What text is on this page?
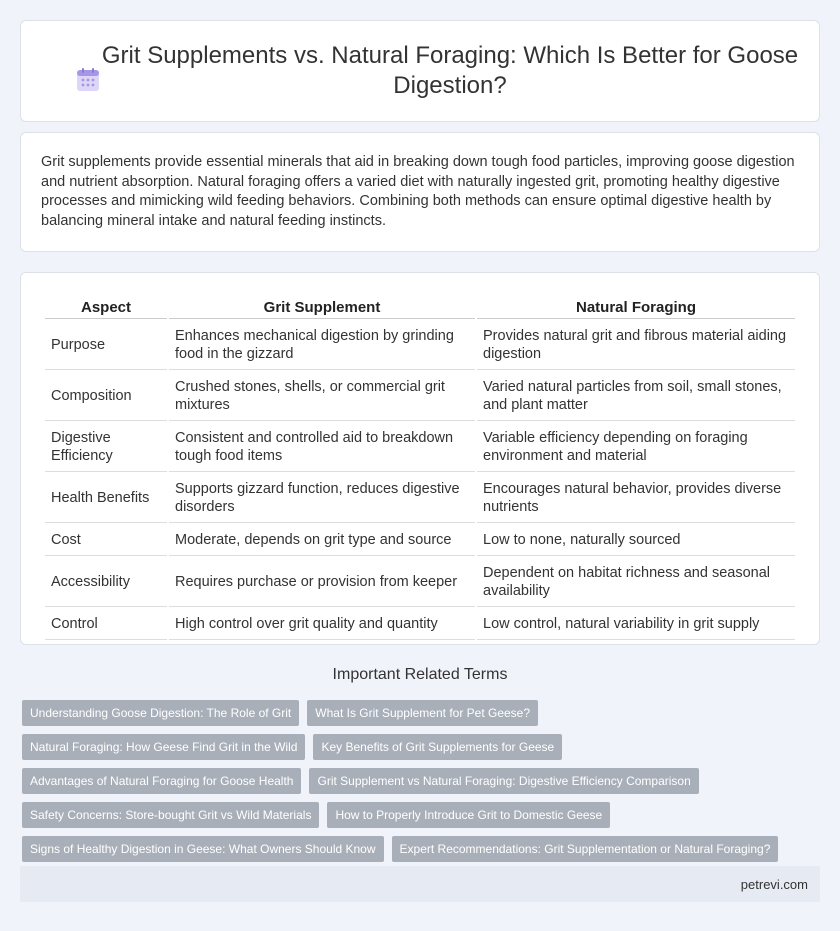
Grit Supplements vs. Natural Foraging: Which Is Better for Goose Digestion?

Grit supplements provide essential minerals that aid in breaking down tough food particles, improving goose digestion and nutrient absorption. Natural foraging offers a varied diet with naturally ingested grit, promoting healthy digestive processes and mimicking wild feeding behaviors. Combining both methods can ensure optimal digestive health by balancing mineral intake and natural feeding instincts.

Aspect	Grit Supplement	Natural Foraging
Purpose	Enhances mechanical digestion by grinding food in the gizzard	Provides natural grit and fibrous material aiding digestion
Composition	Crushed stones, shells, or commercial grit mixtures	Varied natural particles from soil, small stones, and plant matter
Digestive Efficiency	Consistent and controlled aid to breakdown tough food items	Variable efficiency depending on foraging environment and material
Health Benefits	Supports gizzard function, reduces digestive disorders	Encourages natural behavior, provides diverse nutrients
Cost	Moderate, depends on grit type and source	Low to none, naturally sourced
Accessibility	Requires purchase or provision from keeper	Dependent on habitat richness and seasonal availability
Control	High control over grit quality and quantity	Low control, natural variability in grit supply
Important Related Terms
Understanding Goose Digestion: The Role of Grit	What Is Grit Supplement for Pet Geese?
Natural Foraging: How Geese Find Grit in the Wild	Key Benefits of Grit Supplements for Geese
Advantages of Natural Foraging for Goose Health	Grit Supplement vs Natural Foraging: Digestive Efficiency Comparison
Safety Concerns: Store-bought Grit vs Wild Materials	How to Properly Introduce Grit to Domestic Geese
Signs of Healthy Digestion in Geese: What Owners Should Know	Expert Recommendations: Grit Supplementation or Natural Foraging?
petrevi.com
